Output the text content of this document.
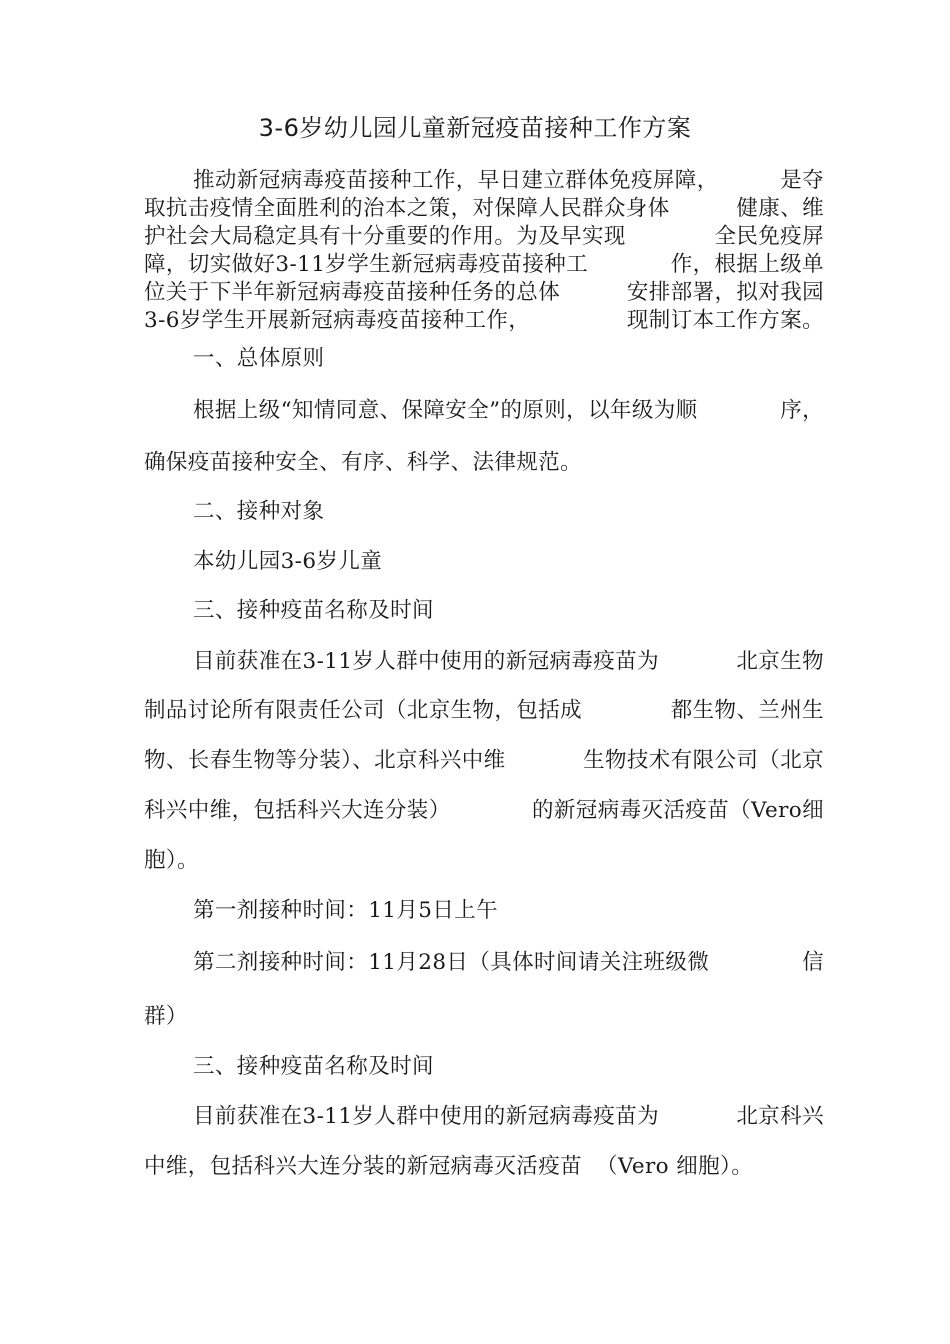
3-6岁幼儿园儿童新冠疫苗接种工作方案
推动新冠病毒疫苗接种工作，早日建立群体免疫屏障，	是夺
取抗击疫情全面胜利的治本之策，对保障人民群众身体	健康、维
护社会大局稳定具有十分重要的作用。为及早实现	全民免疫屏
障，切实做好3-11岁学生新冠病毒疫苗接种工	作，根据上级单
位关于下半年新冠病毒疫苗接种任务的总体	安排部署，拟对我园
3-6岁学生开展新冠病毒疫苗接种工作，	现制订本工作方案。
一、总体原则
根据上级“知情同意、保障安全”的原则，以年级为顺	序，
确保疫苗接种安全、有序、科学、法律规范。
二、接种对象
本幼儿园3-6岁儿童
三、接种疫苗名称及时间
目前获准在3-11岁人群中使用的新冠病毒疫苗为	北京生物
制品讨论所有限责任公司（北京生物，包括成	都生物、兰州生
物、长春生物等分装）、北京科兴中维	生物技术有限公司（北京
科兴中维，包括科兴大连分装）	的新冠病毒灭活疫苗（Vero细
胞）。
第一剂接种时间：11月5日上午
第二剂接种时间：11月28日（具体时间请关注班级微	信
群）
三、接种疫苗名称及时间
目前获准在3-11岁人群中使用的新冠病毒疫苗为	北京科兴
中维，包括科兴大连分装的新冠病毒灭活疫苗 （Vero 细胞）。
